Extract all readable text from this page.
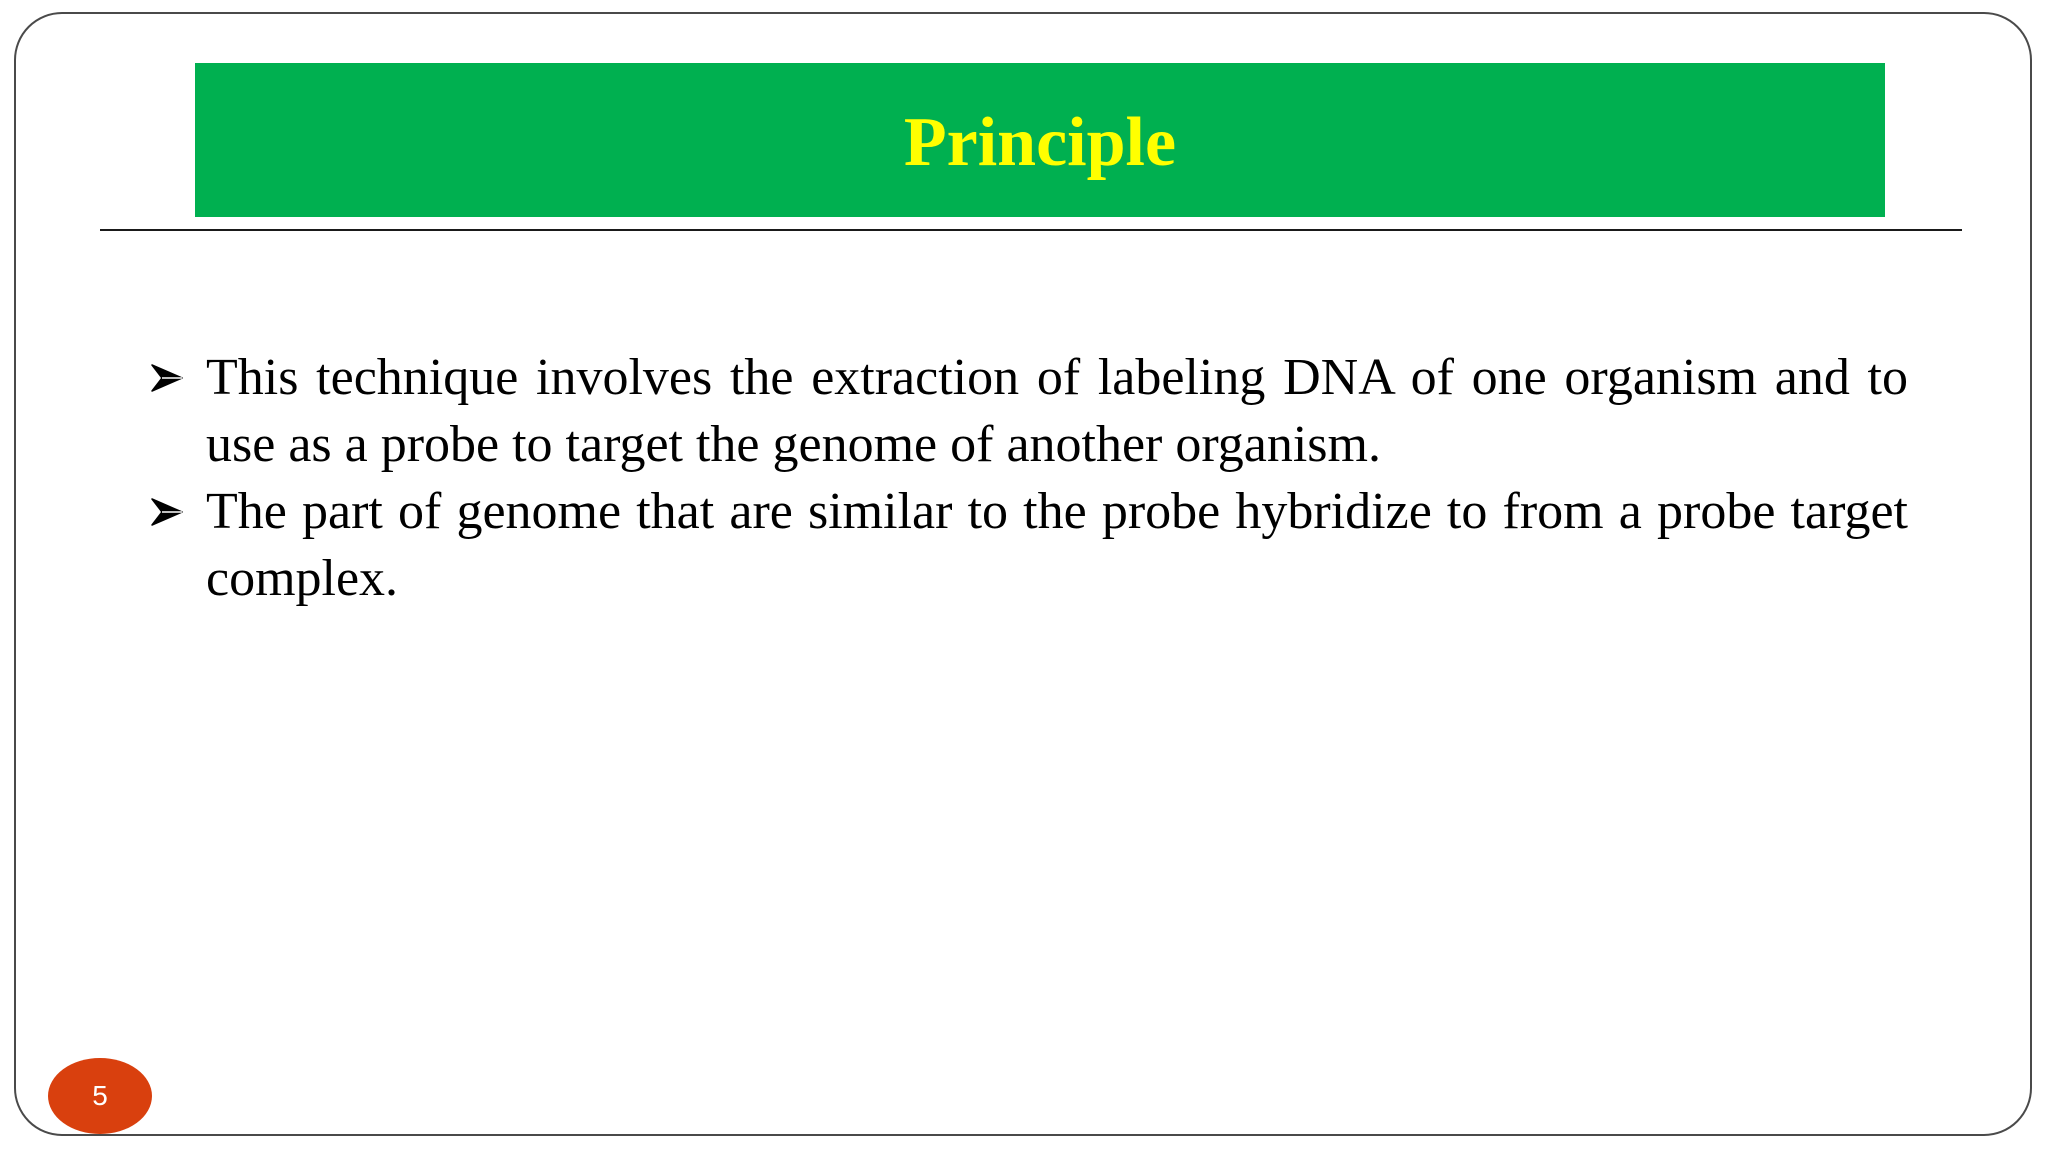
Principle
This technique involves the extraction of labeling DNA of one organism and to use as a probe to target the genome of another organism.
The part of genome that are similar to the probe hybridize to from a probe target complex.
5
